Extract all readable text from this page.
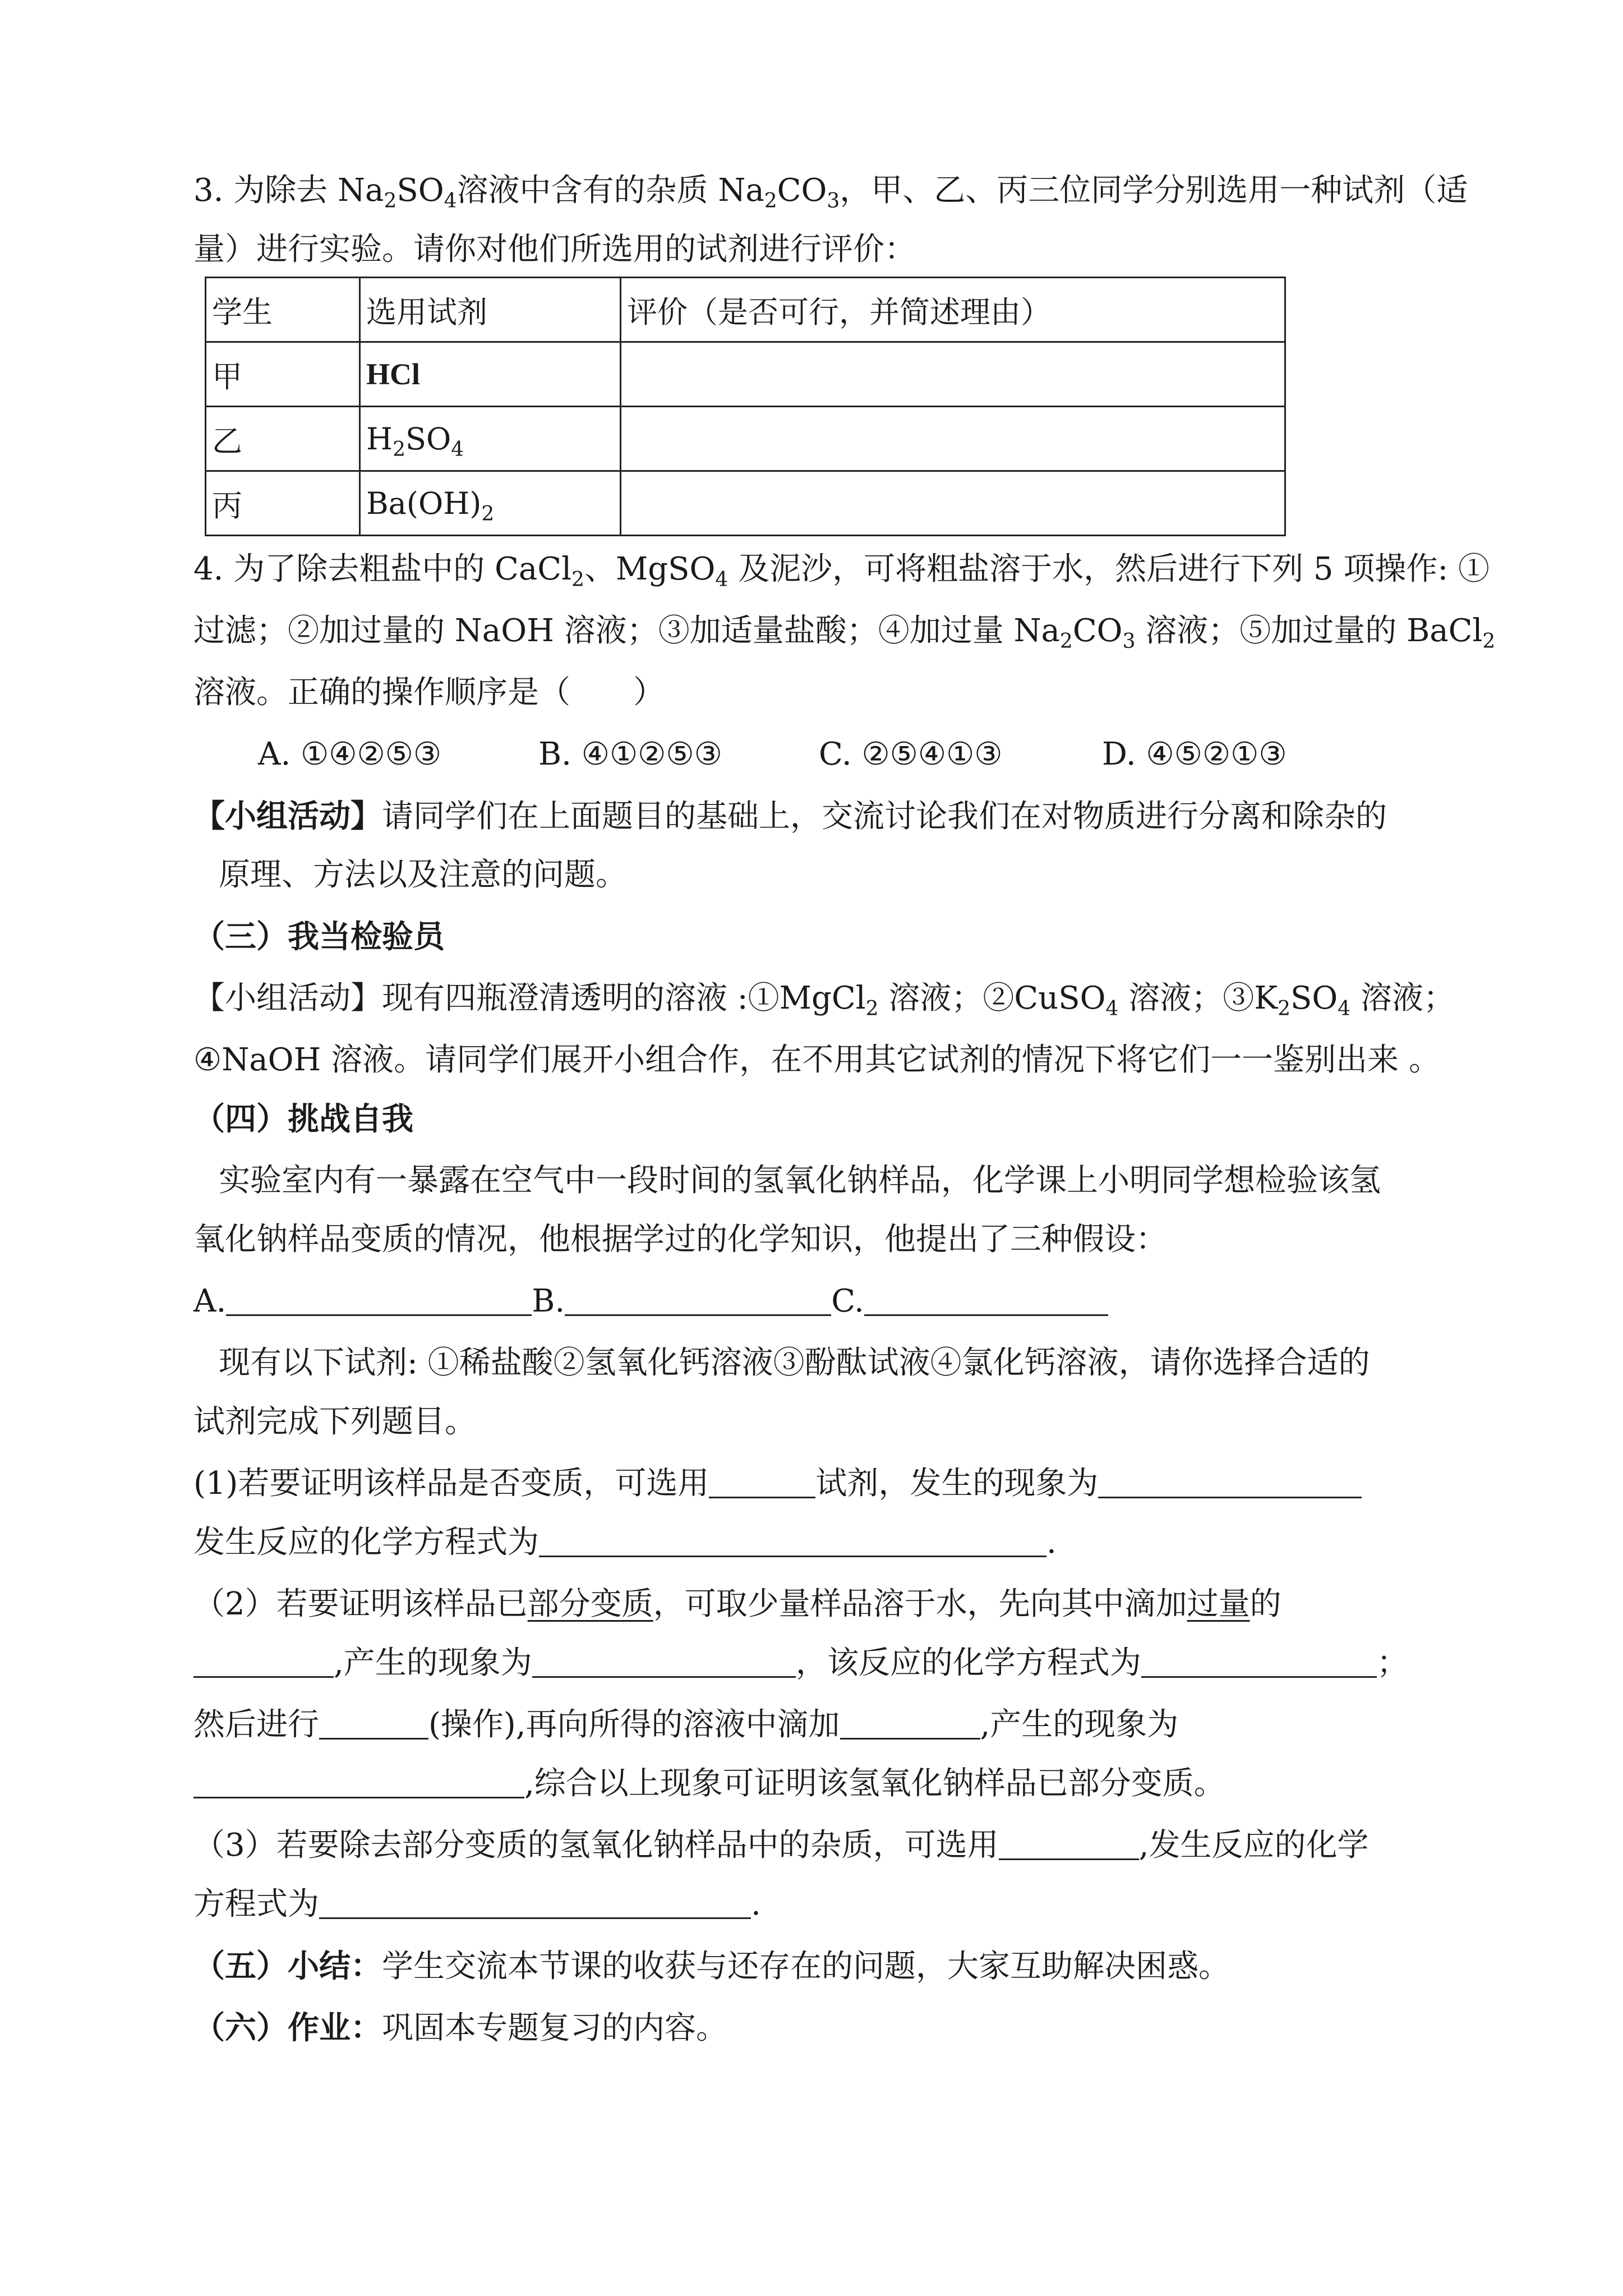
3. 为除去 $Na_2SO_4$溶液中含有的杂质 $Na_2CO_3$，甲、乙、丙三位同学分别选用一种试剂（适
量）进行实验。请你对他们所选用的试剂进行评价：
学生	选用试剂	评价（是否可行，并简述理由）
甲	HCl	
乙	$H_2SO_4$	
丙	$Ba(OH)_2$	
4. 为了除去粗盐中的 CaCl$_2$、MgSO$_4$ 及泥沙，可将粗盐溶于水，然后进行下列 5 项操作: ①
过滤；②加过量的 NaOH 溶液；③加适量盐酸；④加过量 $Na_2CO_3$ 溶液；⑤加过量的 BaCl$_2$
溶液。正确的操作顺序是（　　）
A. ①④②⑤③	B. ④①②⑤③	C. ②⑤④①③	D. ④⑤②①③
【小组活动】请同学们在上面题目的基础上，交流讨论我们在对物质进行分离和除杂的
原理、方法以及注意的问题。
（三）我当检验员
【小组活动】现有四瓶澄清透明的溶液 :①MgCl$_2$ 溶液；②CuSO$_4$ 溶液；$③K_2SO_4$ 溶液；
④NaOH 溶液。请同学们展开小组合作，在不用其它试剂的情况下将它们一一鉴别出来 。
（四）挑战自我
实验室内有一暴露在空气中一段时间的氢氧化钠样品，化学课上小明同学想检验该氢
氧化钠样品变质的情况，他根据学过的化学知识，他提出了三种假设：
A.	B.	C.
现有以下试剂: ①稀盐酸②氢氧化钙溶液③酚酞试液④氯化钙溶液，请你选择合适的
试剂完成下列题目。
(1)若要证明该样品是否变质，可选用	试剂，发生的现象为
发生反应的化学方程式为	.
（2）若要证明该样品已部分变质，可取少量样品溶于水，先向其中滴加过量的
,产生的现象为	，该反应的化学方程式为	；
然后进行	(操作),再向所得的溶液中滴加	,产生的现象为
,综合以上现象可证明该氢氧化钠样品已部分变质。
（3）若要除去部分变质的氢氧化钠样品中的杂质，可选用	,发生反应的化学
方程式为	.
（五）小结：学生交流本节课的收获与还存在的问题，大家互助解决困惑。
（六）作业：巩固本专题复习的内容。
